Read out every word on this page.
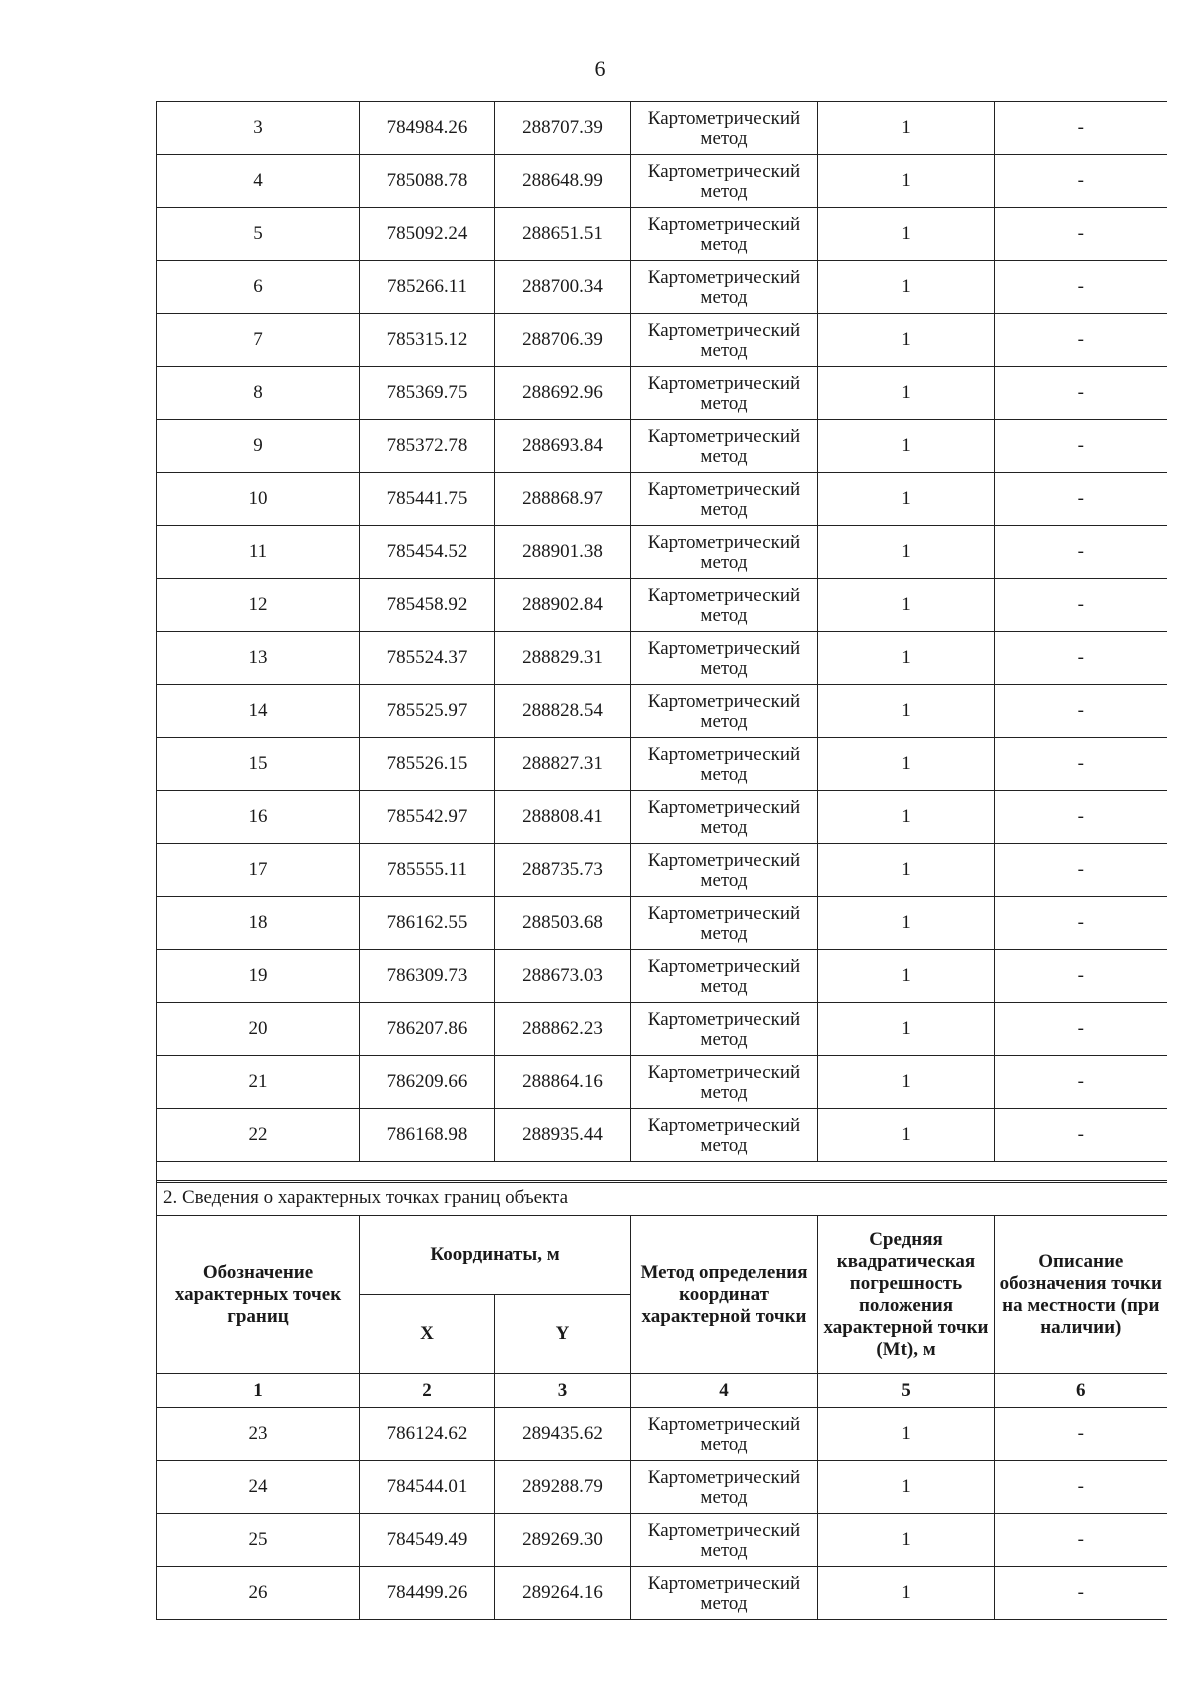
6
3	784984.26	288707.39	Картометрический метод	1	-
4	785088.78	288648.99	Картометрический метод	1	-
5	785092.24	288651.51	Картометрический метод	1	-
6	785266.11	288700.34	Картометрический метод	1	-
7	785315.12	288706.39	Картометрический метод	1	-
8	785369.75	288692.96	Картометрический метод	1	-
9	785372.78	288693.84	Картометрический метод	1	-
10	785441.75	288868.97	Картометрический метод	1	-
11	785454.52	288901.38	Картометрический метод	1	-
12	785458.92	288902.84	Картометрический метод	1	-
13	785524.37	288829.31	Картометрический метод	1	-
14	785525.97	288828.54	Картометрический метод	1	-
15	785526.15	288827.31	Картометрический метод	1	-
16	785542.97	288808.41	Картометрический метод	1	-
17	785555.11	288735.73	Картометрический метод	1	-
18	786162.55	288503.68	Картометрический метод	1	-
19	786309.73	288673.03	Картометрический метод	1	-
20	786207.86	288862.23	Картометрический метод	1	-
21	786209.66	288864.16	Картометрический метод	1	-
22	786168.98	288935.44	Картометрический метод	1	-

2. Сведения о характерных точках границ объекта					
Обозначение характерных точек границ	Координаты, м		Метод определения координат характерной точки	Средняя квадратическая погрешность положения характерной точки (Mt), м	Описание обозначения точки на местности (при наличии)
	X	Y			
1	2	3	4	5	6
23	786124.62	289435.62	Картометрический метод	1	-
24	784544.01	289288.79	Картометрический метод	1	-
25	784549.49	289269.30	Картометрический метод	1	-
26	784499.26	289264.16	Картометрический метод	1	-
